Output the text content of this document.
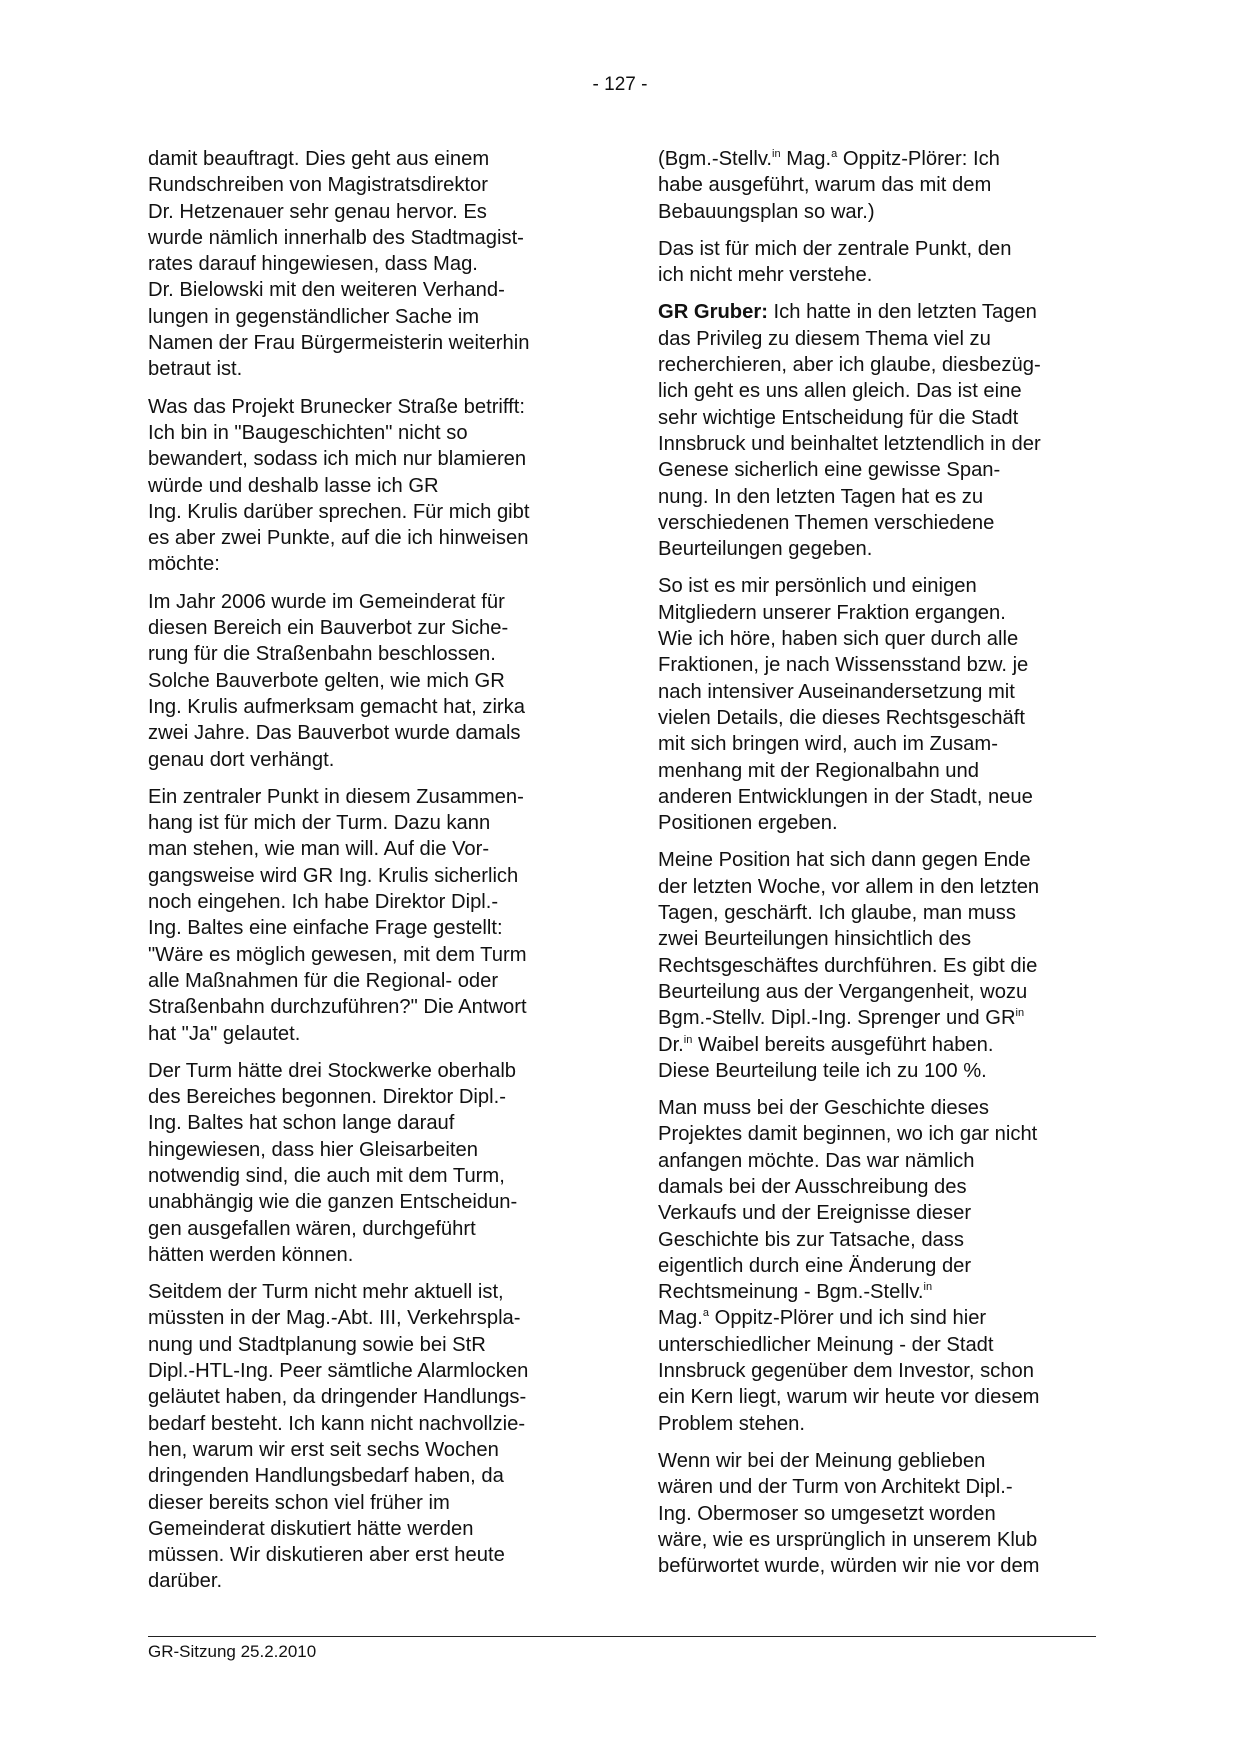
- 127 -

damit beauftragt. Dies geht aus einem
Rundschreiben von Magistratsdirektor
Dr. Hetzenauer sehr genau hervor. Es
wurde nämlich innerhalb des Stadtmagist-
rates darauf hingewiesen, dass Mag.
Dr. Bielowski mit den weiteren Verhand-
lungen in gegenständlicher Sache im
Namen der Frau Bürgermeisterin weiterhin
betraut ist.

Was das Projekt Brunecker Straße betrifft:
Ich bin in "Baugeschichten" nicht so
bewandert, sodass ich mich nur blamieren
würde und deshalb lasse ich GR
Ing. Krulis darüber sprechen. Für mich gibt
es aber zwei Punkte, auf die ich hinweisen
möchte:

Im Jahr 2006 wurde im Gemeinderat für
diesen Bereich ein Bauverbot zur Siche-
rung für die Straßenbahn beschlossen.
Solche Bauverbote gelten, wie mich GR
Ing. Krulis aufmerksam gemacht hat, zirka
zwei Jahre. Das Bauverbot wurde damals
genau dort verhängt.

Ein zentraler Punkt in diesem Zusammen-
hang ist für mich der Turm. Dazu kann
man stehen, wie man will. Auf die Vor-
gangsweise wird GR Ing. Krulis sicherlich
noch eingehen. Ich habe Direktor Dipl.-
Ing. Baltes eine einfache Frage gestellt:
"Wäre es möglich gewesen, mit dem Turm
alle Maßnahmen für die Regional- oder
Straßenbahn durchzuführen?" Die Antwort
hat "Ja" gelautet.

Der Turm hätte drei Stockwerke oberhalb
des Bereiches begonnen. Direktor Dipl.-
Ing. Baltes hat schon lange darauf
hingewiesen, dass hier Gleisarbeiten
notwendig sind, die auch mit dem Turm,
unabhängig wie die ganzen Entscheidun-
gen ausgefallen wären, durchgeführt
hätten werden können.

Seitdem der Turm nicht mehr aktuell ist,
müssten in der Mag.-Abt. III, Verkehrspla-
nung und Stadtplanung sowie bei StR
Dipl.-HTL-Ing. Peer sämtliche Alarmlocken
geläutet haben, da dringender Handlungs-
bedarf besteht. Ich kann nicht nachvollzie-
hen, warum wir erst seit sechs Wochen
dringenden Handlungsbedarf haben, da
dieser bereits schon viel früher im
Gemeinderat diskutiert hätte werden
müssen. Wir diskutieren aber erst heute
darüber.

(Bgm.-Stellv.$^{in}$ Mag.$^a$ Oppitz-Plörer: Ich
habe ausgeführt, warum das mit dem
Bebauungsplan so war.)

Das ist für mich der zentrale Punkt, den
ich nicht mehr verstehe.

GR Gruber: Ich hatte in den letzten Tagen
das Privileg zu diesem Thema viel zu
recherchieren, aber ich glaube, diesbezüg-
lich geht es uns allen gleich. Das ist eine
sehr wichtige Entscheidung für die Stadt
Innsbruck und beinhaltet letztendlich in der
Genese sicherlich eine gewisse Span-
nung. In den letzten Tagen hat es zu
verschiedenen Themen verschiedene
Beurteilungen gegeben.

So ist es mir persönlich und einigen
Mitgliedern unserer Fraktion ergangen.
Wie ich höre, haben sich quer durch alle
Fraktionen, je nach Wissensstand bzw. je
nach intensiver Auseinandersetzung mit
vielen Details, die dieses Rechtsgeschäft
mit sich bringen wird, auch im Zusam-
menhang mit der Regionalbahn und
anderen Entwicklungen in der Stadt, neue
Positionen ergeben.

Meine Position hat sich dann gegen Ende
der letzten Woche, vor allem in den letzten
Tagen, geschärft. Ich glaube, man muss
zwei Beurteilungen hinsichtlich des
Rechtsgeschäftes durchführen. Es gibt die
Beurteilung aus der Vergangenheit, wozu
Bgm.-Stellv. Dipl.-Ing. Sprenger und $GR^{in}$
Dr.$^{in}$ Waibel bereits ausgeführt haben.
Diese Beurteilung teile ich zu 100 %.

Man muss bei der Geschichte dieses
Projektes damit beginnen, wo ich gar nicht
anfangen möchte. Das war nämlich
damals bei der Ausschreibung des
Verkaufs und der Ereignisse dieser
Geschichte bis zur Tatsache, dass
eigentlich durch eine Änderung der
Rechtsmeinung - Bgm.-Stellv.$^{in}$
Mag.$^a$ Oppitz-Plörer und ich sind hier
unterschiedlicher Meinung - der Stadt
Innsbruck gegenüber dem Investor, schon
ein Kern liegt, warum wir heute vor diesem
Problem stehen.

Wenn wir bei der Meinung geblieben
wären und der Turm von Architekt Dipl.-
Ing. Obermoser so umgesetzt worden
wäre, wie es ursprünglich in unserem Klub
befürwortet wurde, würden wir nie vor dem

GR-Sitzung 25.2.2010
